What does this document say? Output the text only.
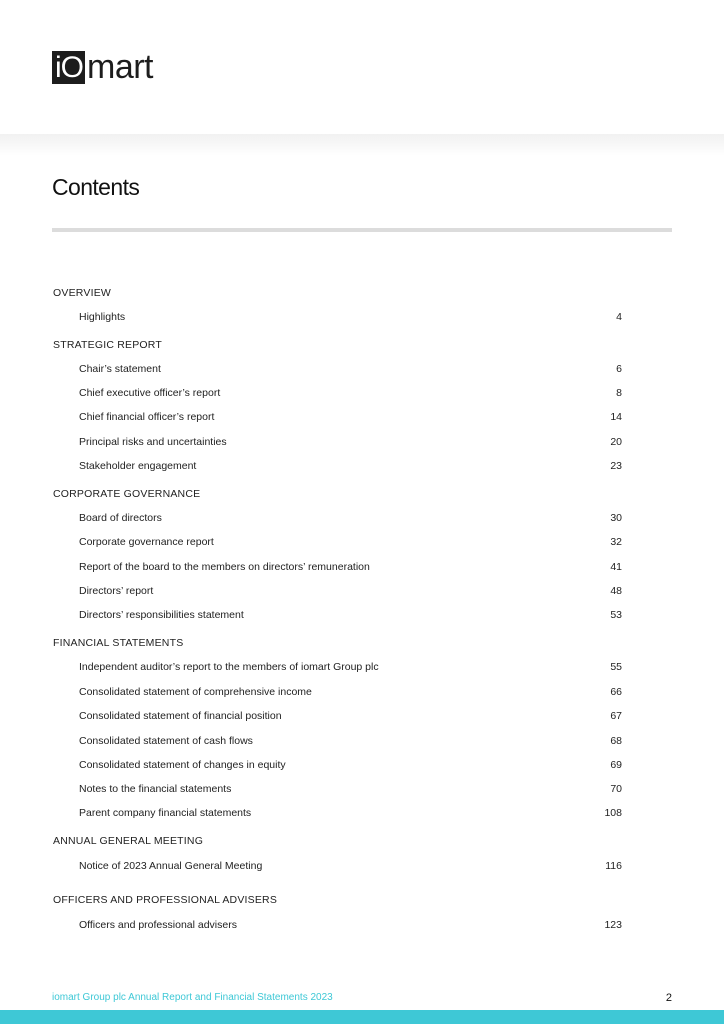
iO mart
Contents
OVERVIEW
Highlights	4
STRATEGIC REPORT
Chair’s statement	6
Chief executive officer’s report	8
Chief financial officer’s report	14
Principal risks and uncertainties	20
Stakeholder engagement	23
CORPORATE GOVERNANCE
Board of directors	30
Corporate governance report	32
Report of the board to the members on directors’ remuneration	41
Directors’ report	48
Directors’ responsibilities statement	53
FINANCIAL STATEMENTS
Independent auditor’s report to the members of iomart Group plc	55
Consolidated statement of comprehensive income	66
Consolidated statement of financial position	67
Consolidated statement of cash flows	68
Consolidated statement of changes in equity	69
Notes to the financial statements	70
Parent company financial statements	108
ANNUAL GENERAL MEETING
Notice of 2023 Annual General Meeting	116
OFFICERS AND PROFESSIONAL ADVISERS
Officers and professional advisers	123
iomart Group plc Annual Report and Financial Statements 2023	2
